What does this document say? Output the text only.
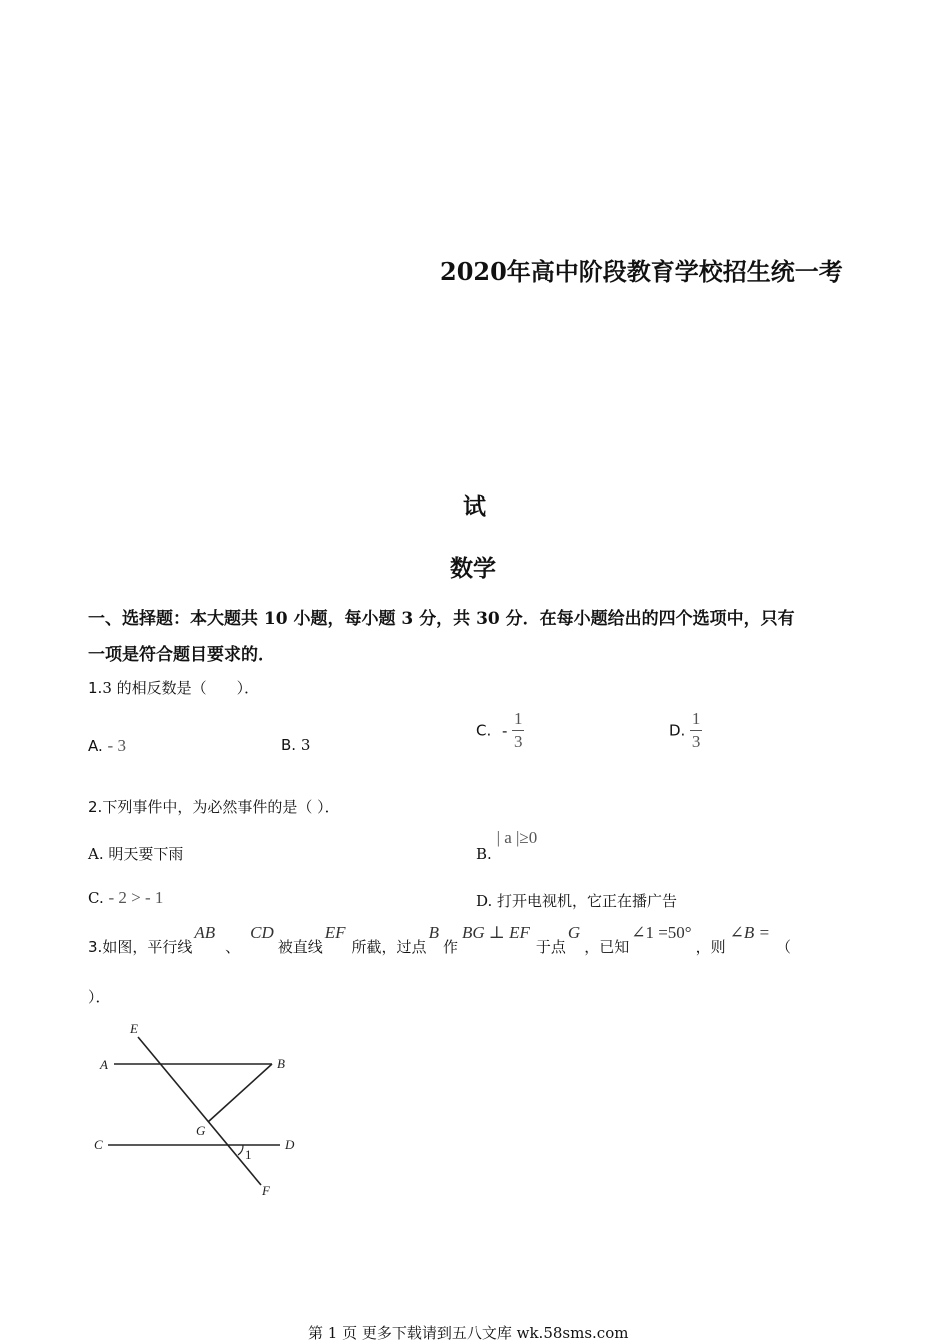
2020年高中阶段教育学校招生统一考
试
数学
一、选择题：本大题共 10 小题，每小题 3 分，共 30 分．在每小题给出的四个选项中，只有
一项是符合题目要求的．
1.3 的相反数是（　　）．
A. - 3	B. 3
C. - $\frac{1}{3}$	D. $\frac{1}{3}$
2.下列事件中，为必然事件的是（ ）．
A. 明天要下雨	B. | a |≥0
C. - 2 > - 1	D. 打开电视机，它正在播广告
3.如图，平行线AB、CD被直线EF所截，过点B作BG ⊥ EF于点G，已知∠1 =50°，则∠B =（
）．
E
A	B
G
C	D
1
F
第 1 页 更多下载请到五八文库 wk.58sms.com
